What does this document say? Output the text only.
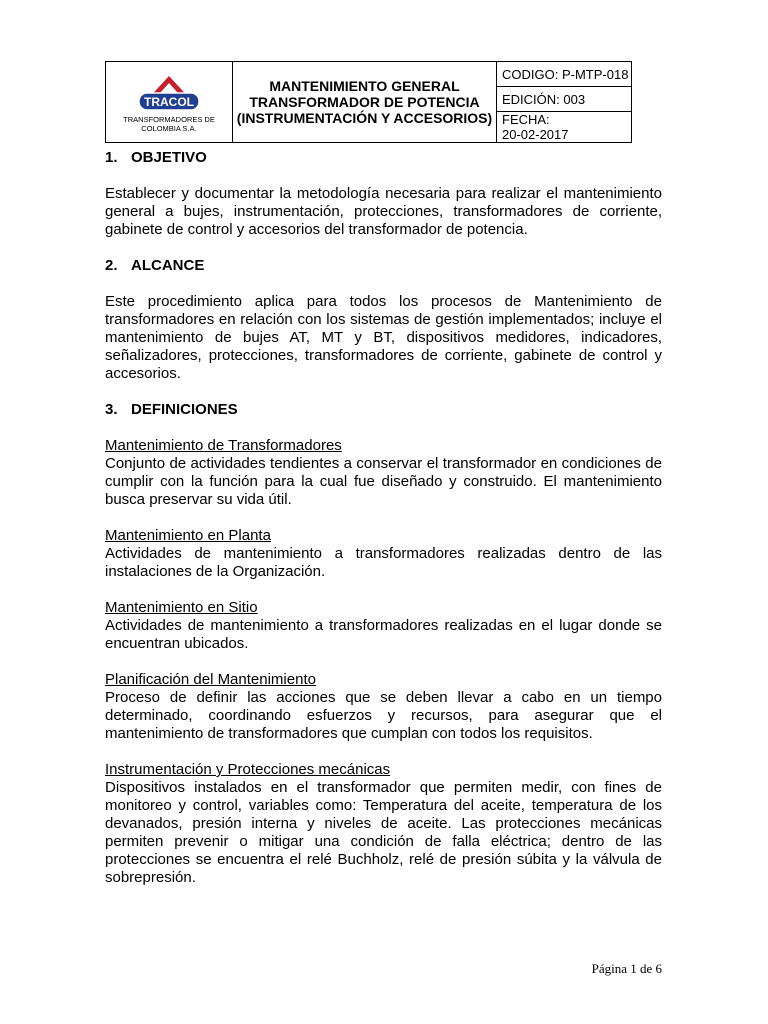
TRACOL
TRANSFORMADORES DE
COLOMBIA S.A.

MANTENIMIENTO GENERAL
TRANSFORMADOR DE POTENCIA
(INSTRUMENTACIÓN Y ACCESORIOS)
	CODIGO: P-MTP-018
EDICIÓN: 003
FECHA: 20-02-2017

1. OBJETIVO

Establecer y documentar la metodología necesaria para realizar el mantenimiento general a bujes, instrumentación, protecciones, transformadores de corriente, gabinete de control y accesorios del transformador de potencia.

2. ALCANCE

Este procedimiento aplica para todos los procesos de Mantenimiento de transformadores en relación con los sistemas de gestión implementados; incluye el mantenimiento de bujes AT, MT y BT, dispositivos medidores, indicadores, señalizadores, protecciones, transformadores de corriente, gabinete de control y accesorios.

3. DEFINICIONES

Mantenimiento de Transformadores

Conjunto de actividades tendientes a conservar el transformador en condiciones de cumplir con la función para la cual fue diseñado y construido. El mantenimiento busca preservar su vida útil.

Mantenimiento en Planta

Actividades de mantenimiento a transformadores realizadas dentro de las instalaciones de la Organización.

Mantenimiento en Sitio

Actividades de mantenimiento a transformadores realizadas en el lugar donde se encuentran ubicados.

Planificación del Mantenimiento

Proceso de definir las acciones que se deben llevar a cabo en un tiempo determinado, coordinando esfuerzos y recursos, para asegurar que el mantenimiento de transformadores que cumplan con todos los requisitos.

Instrumentación y Protecciones mecánicas

Dispositivos instalados en el transformador que permiten medir, con fines de monitoreo y control, variables como: Temperatura del aceite, temperatura de los devanados, presión interna y niveles de aceite. Las protecciones mecánicas permiten prevenir o mitigar una condición de falla eléctrica; dentro de las protecciones se encuentra el relé Buchholz, relé de presión súbita y la válvula de sobrepresión.

Página 1 de 6
